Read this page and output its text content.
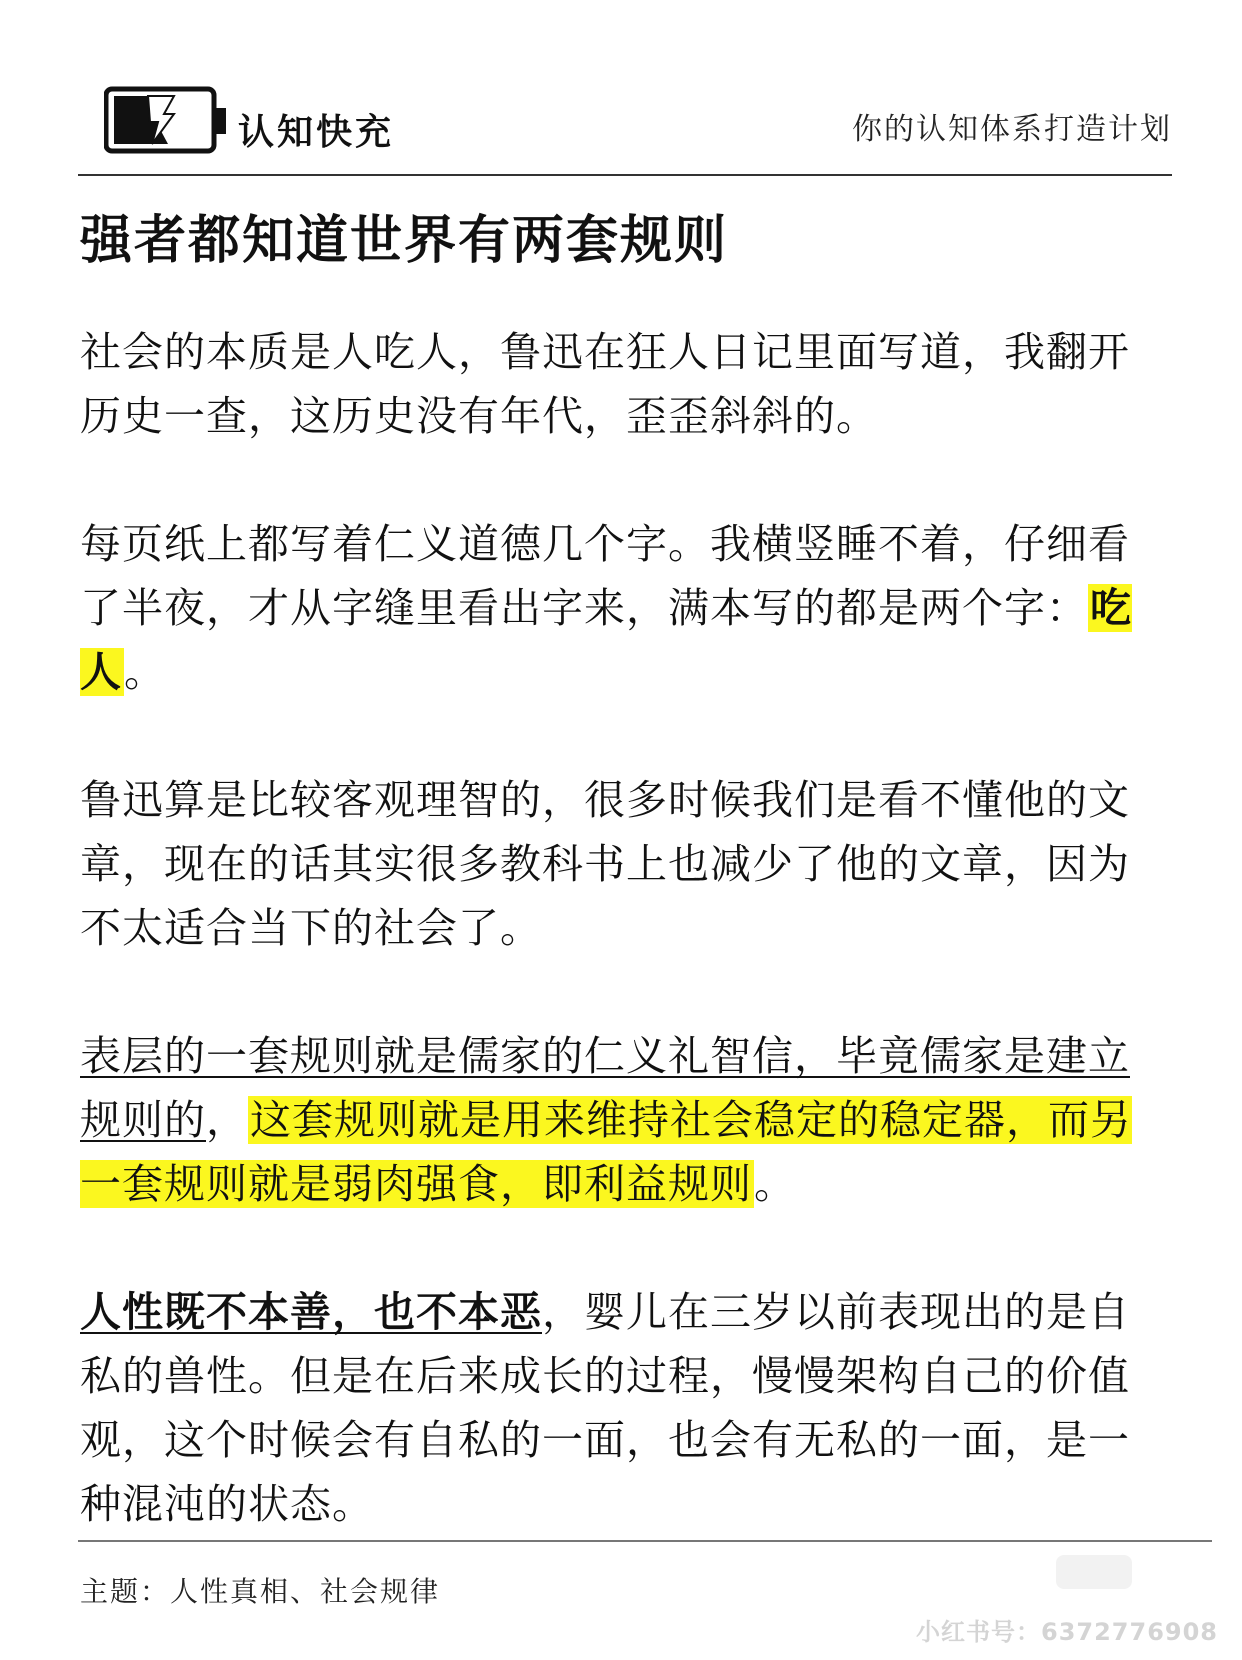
认知快充	你的认知体系打造计划
强者都知道世界有两套规则

社会的本质是人吃人，鲁迅在狂人日记里面写道，我翻开历史一查，这历史没有年代，歪歪斜斜的。

每页纸上都写着仁义道德几个字。我横竖睡不着，仔细看了半夜，才从字缝里看出字来，满本写的都是两个字：吃人。

鲁迅算是比较客观理智的，很多时候我们是看不懂他的文章，现在的话其实很多教科书上也减少了他的文章，因为不太适合当下的社会了。

表层的一套规则就是儒家的仁义礼智信，毕竟儒家是建立规则的，这套规则就是用来维持社会稳定的稳定器，而另一套规则就是弱肉强食，即利益规则。

人性既不本善，也不本恶，婴儿在三岁以前表现出的是自私的兽性。但是在后来成长的过程，慢慢架构自己的价值观，这个时候会有自私的一面，也会有无私的一面，是一种混沌的状态。

主题：人性真相、社会规律
小红书号：6372776908
